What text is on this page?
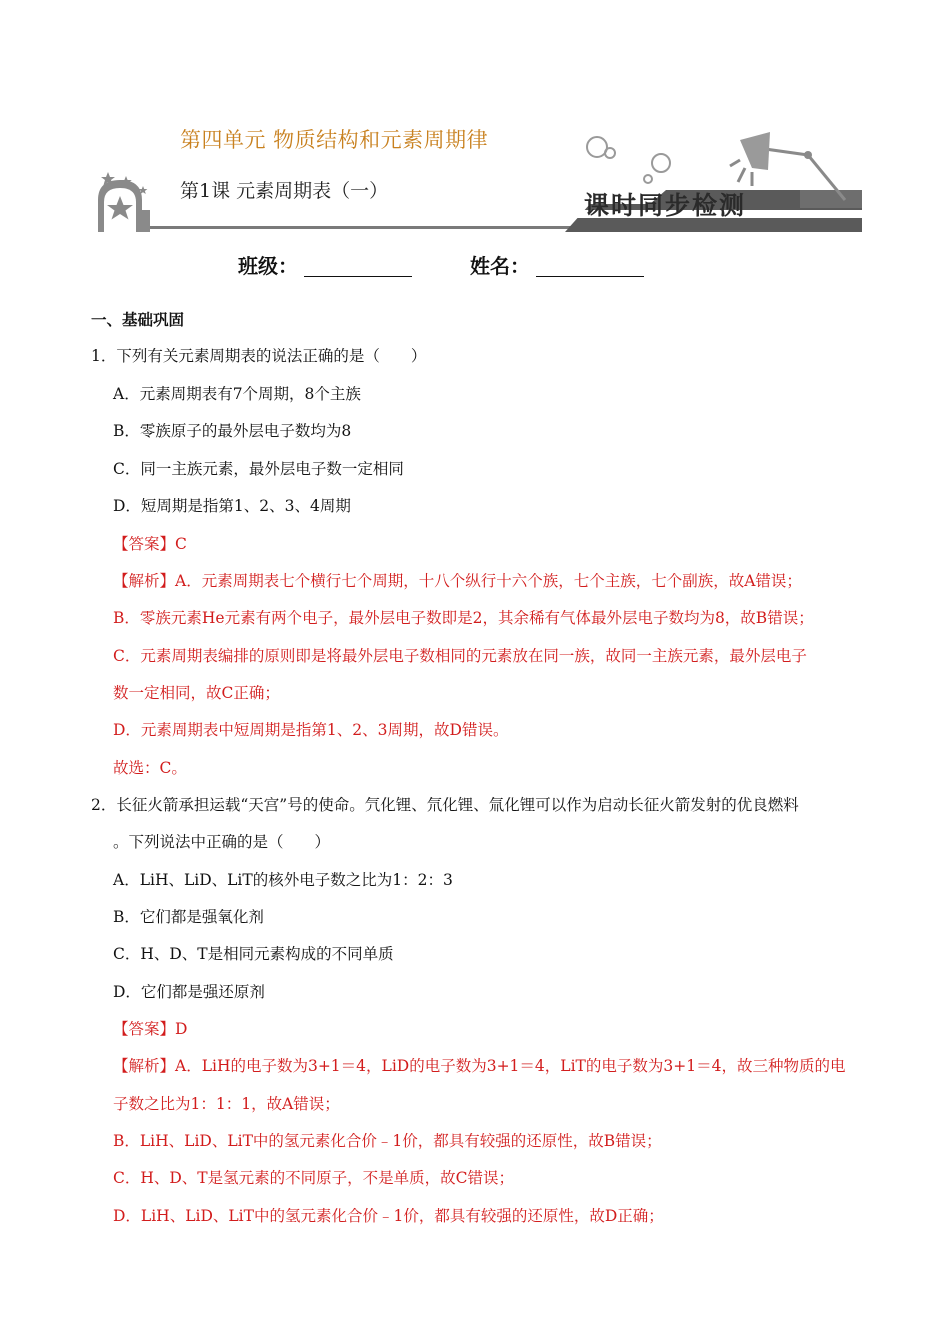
第四单元 物质结构和元素周期律
第1课 元素周期表（一）	课时同步检测
班级：	姓名：
一、基础巩固
1．下列有关元素周期表的说法正确的是（　　）
A．元素周期表有7个周期，8个主族
B．零族原子的最外层电子数均为8
C．同一主族元素，最外层电子数一定相同
D．短周期是指第1、2、3、4周期
【答案】C
【解析】A．元素周期表七个横行七个周期，十八个纵行十六个族，七个主族，七个副族，故A错误；
B．零族元素He元素有两个电子，最外层电子数即是2，其余稀有气体最外层电子数均为8，故B错误；
C．元素周期表编排的原则即是将最外层电子数相同的元素放在同一族，故同一主族元素，最外层电子
数一定相同，故C正确；
D．元素周期表中短周期是指第1、2、3周期，故D错误。
故选：C。
2．长征火箭承担运载“天宫”号的使命。氕化锂、氘化锂、氚化锂可以作为启动长征火箭发射的优良燃料
。下列说法中正确的是（　　）
A．LiH、LiD、LiT的核外电子数之比为1：2：3
B．它们都是强氧化剂
C．H、D、T是相同元素构成的不同单质
D．它们都是强还原剂
【答案】D
【解析】A．LiH的电子数为3+1＝4，LiD的电子数为3+1＝4，LiT的电子数为3+1＝4，故三种物质的电
子数之比为1：1：1，故A错误；
B．LiH、LiD、LiT中的氢元素化合价﹣1价，都具有较强的还原性，故B错误；
C．H、D、T是氢元素的不同原子，不是单质，故C错误；
D．LiH、LiD、LiT中的氢元素化合价﹣1价，都具有较强的还原性，故D正确；
